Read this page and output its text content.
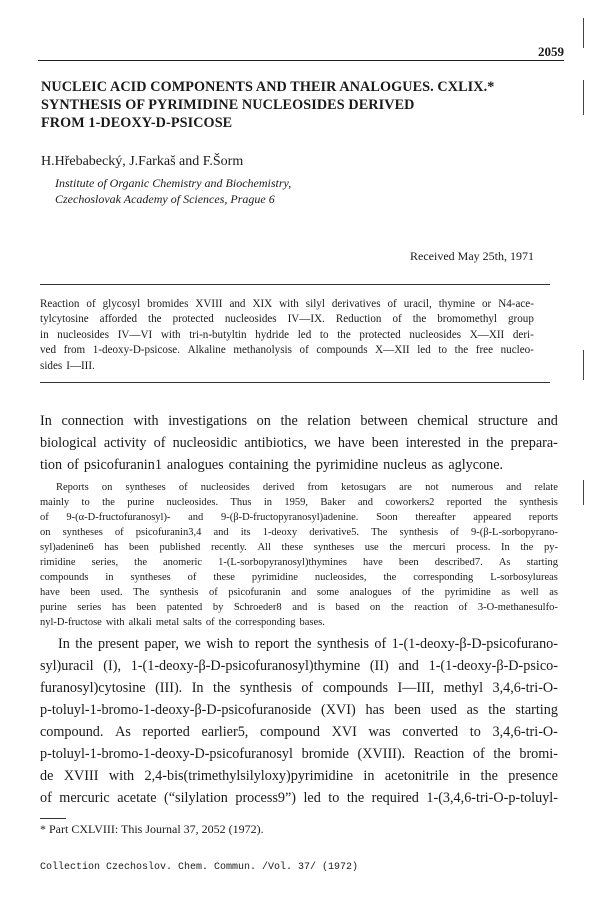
2059
NUCLEIC ACID COMPONENTS AND THEIR ANALOGUES. CXLIX.*
SYNTHESIS OF PYRIMIDINE NUCLEOSIDES DERIVED
FROM 1-DEOXY-D-PSICOSE
H.Hřebabecký, J.Farkaš and F.Šorm
Institute of Organic Chemistry and Biochemistry,
Czechoslovak Academy of Sciences, Prague 6
Received May 25th, 1971
Reaction of glycosyl bromides XVIII and XIX with silyl derivatives of uracil, thymine or N4-ace-
tylcytosine afforded the protected nucleosides IV—IX. Reduction of the bromomethyl group
in nucleosides IV—VI with tri-n-butyltin hydride led to the protected nucleosides X—XII deri-
ved from 1-deoxy-D-psicose. Alkaline methanolysis of compounds X—XII led to the free nucleo-
sides I—III.
In connection with investigations on the relation between chemical structure and
biological activity of nucleosidic antibiotics, we have been interested in the prepara-
tion of psicofuranin1 analogues containing the pyrimidine nucleus as aglycone.
Reports on syntheses of nucleosides derived from ketosugars are not numerous and relate
mainly to the purine nucleosides. Thus in 1959, Baker and coworkers2 reported the synthesis
of 9-(α-D-fructofuranosyl)- and 9-(β-D-fructopyranosyl)adenine. Soon thereafter appeared reports
on syntheses of psicofuranin3,4 and its 1-deoxy derivative5. The synthesis of 9-(β-L-sorbopyrano-
syl)adenine6 has been published recently. All these syntheses use the mercuri process. In the py-
rimidine series, the anomeric 1-(L-sorbopyranosyl)thymines have been described7. As starting
compounds in syntheses of these pyrimidine nucleosides, the corresponding L-sorbosylureas
have been used. The synthesis of psicofuranin and some analogues of the pyrimidine as well as
purine series has been patented by Schroeder8 and is based on the reaction of 3-O-methanesulfo-
nyl-D-fructose with alkali metal salts of the corresponding bases.
In the present paper, we wish to report the synthesis of 1-(1-deoxy-β-D-psicofurano-
syl)uracil (I), 1-(1-deoxy-β-D-psicofuranosyl)thymine (II) and 1-(1-deoxy-β-D-psico-
furanosyl)cytosine (III). In the synthesis of compounds I—III, methyl 3,4,6-tri-O-
p-toluyl-1-bromo-1-deoxy-β-D-psicofuranoside (XVI) has been used as the starting
compound. As reported earlier5, compound XVI was converted to 3,4,6-tri-O-
p-toluyl-1-bromo-1-deoxy-D-psicofuranosyl bromide (XVIII). Reaction of the bromi-
de XVIII with 2,4-bis(trimethylsilyloxy)pyrimidine in acetonitrile in the presence
of mercuric acetate (“silylation process9”) led to the required 1-(3,4,6-tri-O-p-toluyl-
* Part CXLVIII: This Journal 37, 2052 (1972).
Collection Czechoslov. Chem. Commun. /Vol. 37/ (1972)
